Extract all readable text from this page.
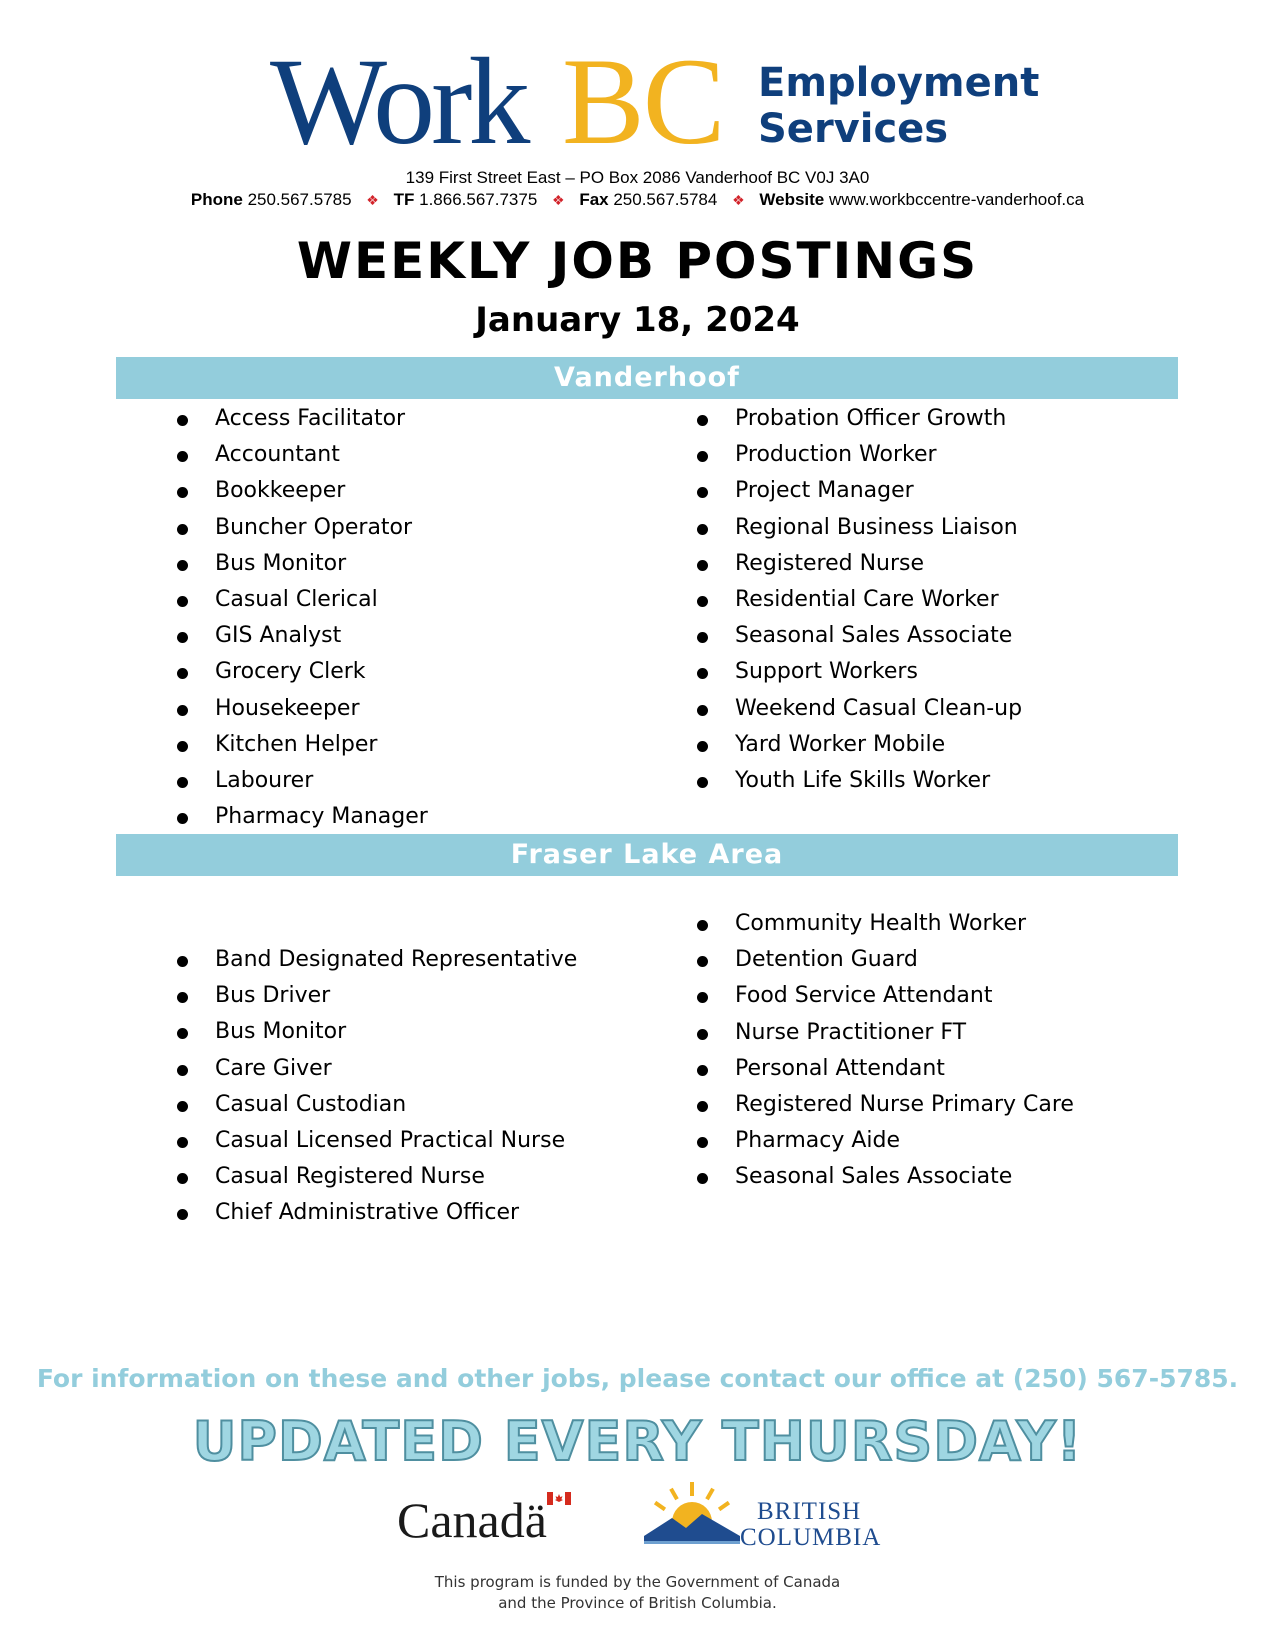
Work BC Employment
Services
139 First Street East – PO Box 2086 Vanderhoof BC V0J 3A0
Phone 250.567.5785 ❖ TF 1.866.567.7375 ❖ Fax 250.567.5784 ❖ Website www.workbccentre-vanderhoof.ca
WEEKLY JOB POSTINGS
January 18, 2024
Vanderhoof
Access Facilitator
Accountant
Bookkeeper
Buncher Operator
Bus Monitor
Casual Clerical
GIS Analyst
Grocery Clerk
Housekeeper
Kitchen Helper
Labourer
Pharmacy Manager
Probation Officer Growth
Production Worker
Project Manager
Regional Business Liaison
Registered Nurse
Residential Care Worker
Seasonal Sales Associate
Support Workers
Weekend Casual Clean-up
Yard Worker Mobile
Youth Life Skills Worker
Fraser Lake Area
Band Designated Representative
Bus Driver
Bus Monitor
Care Giver
Casual Custodian
Casual Licensed Practical Nurse
Casual Registered Nurse
Chief Administrative Officer
Community Health Worker
Detention Guard
Food Service Attendant
Nurse Practitioner FT
Personal Attendant
Registered Nurse Primary Care
Pharmacy Aide
Seasonal Sales Associate
For information on these and other jobs, please contact our office at (250) 567-5785.
UPDATED EVERY THURSDAY!
Canadä	BRITISH
COLUMBIA
This program is funded by the Government of Canada
and the Province of British Columbia.
